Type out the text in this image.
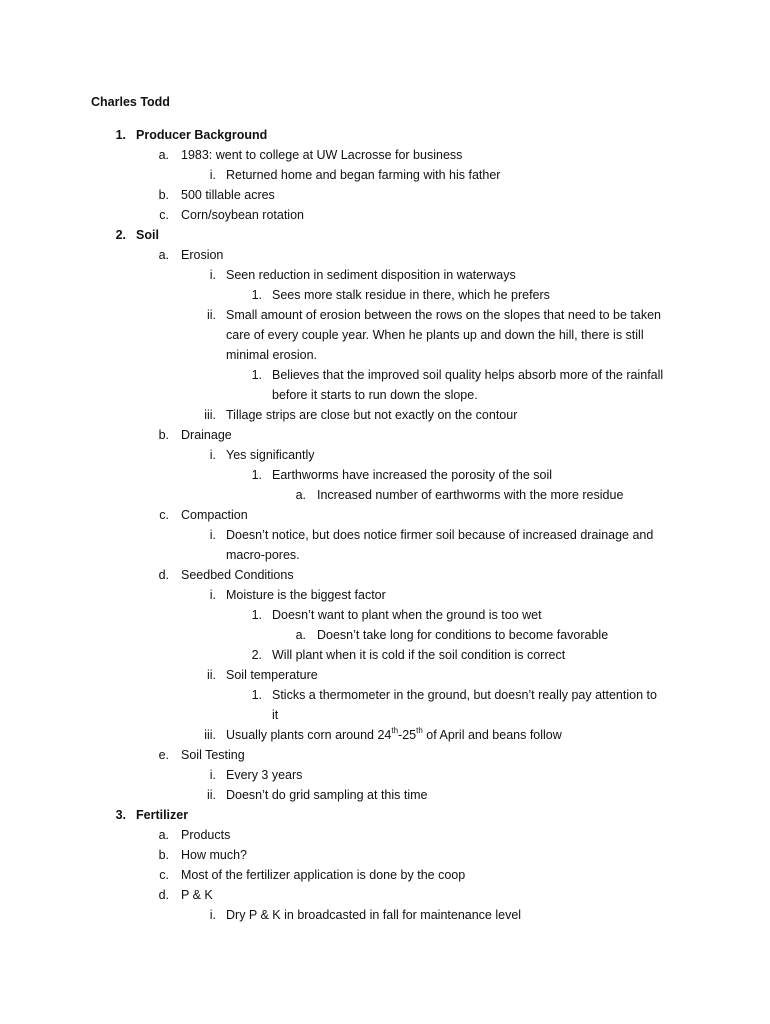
Charles Todd
1. Producer Background
a. 1983: went to college at UW Lacrosse for business
i. Returned home and began farming with his father
b. 500 tillable acres
c. Corn/soybean rotation
2. Soil
a. Erosion
i. Seen reduction in sediment disposition in waterways
1. Sees more stalk residue in there, which he prefers
ii. Small amount of erosion between the rows on the slopes that need to be taken
care of every couple year. When he plants up and down the hill, there is still
minimal erosion.
1. Believes that the improved soil quality helps absorb more of the rainfall
before it starts to run down the slope.
iii. Tillage strips are close but not exactly on the contour
b. Drainage
i. Yes significantly
1. Earthworms have increased the porosity of the soil
a. Increased number of earthworms with the more residue
c. Compaction
i. Doesn’t notice, but does notice firmer soil because of increased drainage and
macro-pores.
d. Seedbed Conditions
i. Moisture is the biggest factor
1. Doesn’t want to plant when the ground is too wet
a. Doesn’t take long for conditions to become favorable
2. Will plant when it is cold if the soil condition is correct
ii. Soil temperature
1. Sticks a thermometer in the ground, but doesn’t really pay attention to
it
iii. Usually plants corn around 24th-25th of April and beans follow
e. Soil Testing
i. Every 3 years
ii. Doesn’t do grid sampling at this time
3. Fertilizer
a. Products
b. How much?
c. Most of the fertilizer application is done by the coop
d. P & K
i. Dry P & K in broadcasted in fall for maintenance level
